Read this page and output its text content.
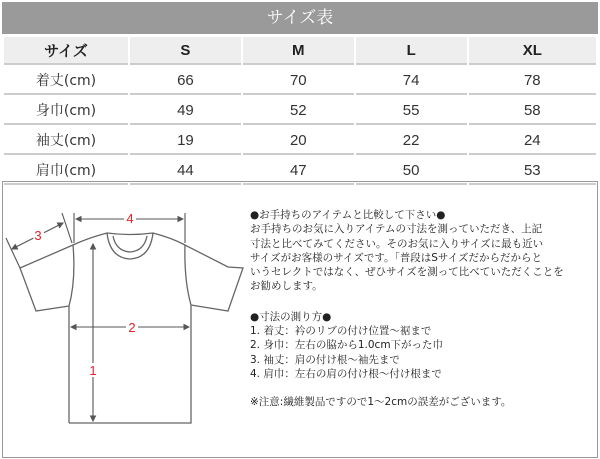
サイズ表
サイズ	S	M	L	XL
着丈(cm)	66	70	74	78
身巾(cm)	49	52	55	58
袖丈(cm)	19	20	22	24
肩巾(cm)	44	47	50	53
4
3
2
1

●お手持ちのアイテムと比較して下さい●

お手持ちのお気に入りアイテムの寸法を測っていただき、上記

寸法と比べてみてください。そのお気に入りサイズに最も近い

サイズがお客様のサイズです。「普段はSサイズだからだからと

いうセレクトではなく、ぜひサイズを測って比べていただくことを

お勧めします。

●寸法の測り方●

1. 着丈：衿のリブの付け位置～裾まで

2. 身巾：左右の脇から1.0cm下がった巾

3. 袖丈：肩の付け根～袖先まで

4. 肩巾：左右の肩の付け根～付け根まで

※注意:繊維製品ですので1～2cmの誤差がございます。
